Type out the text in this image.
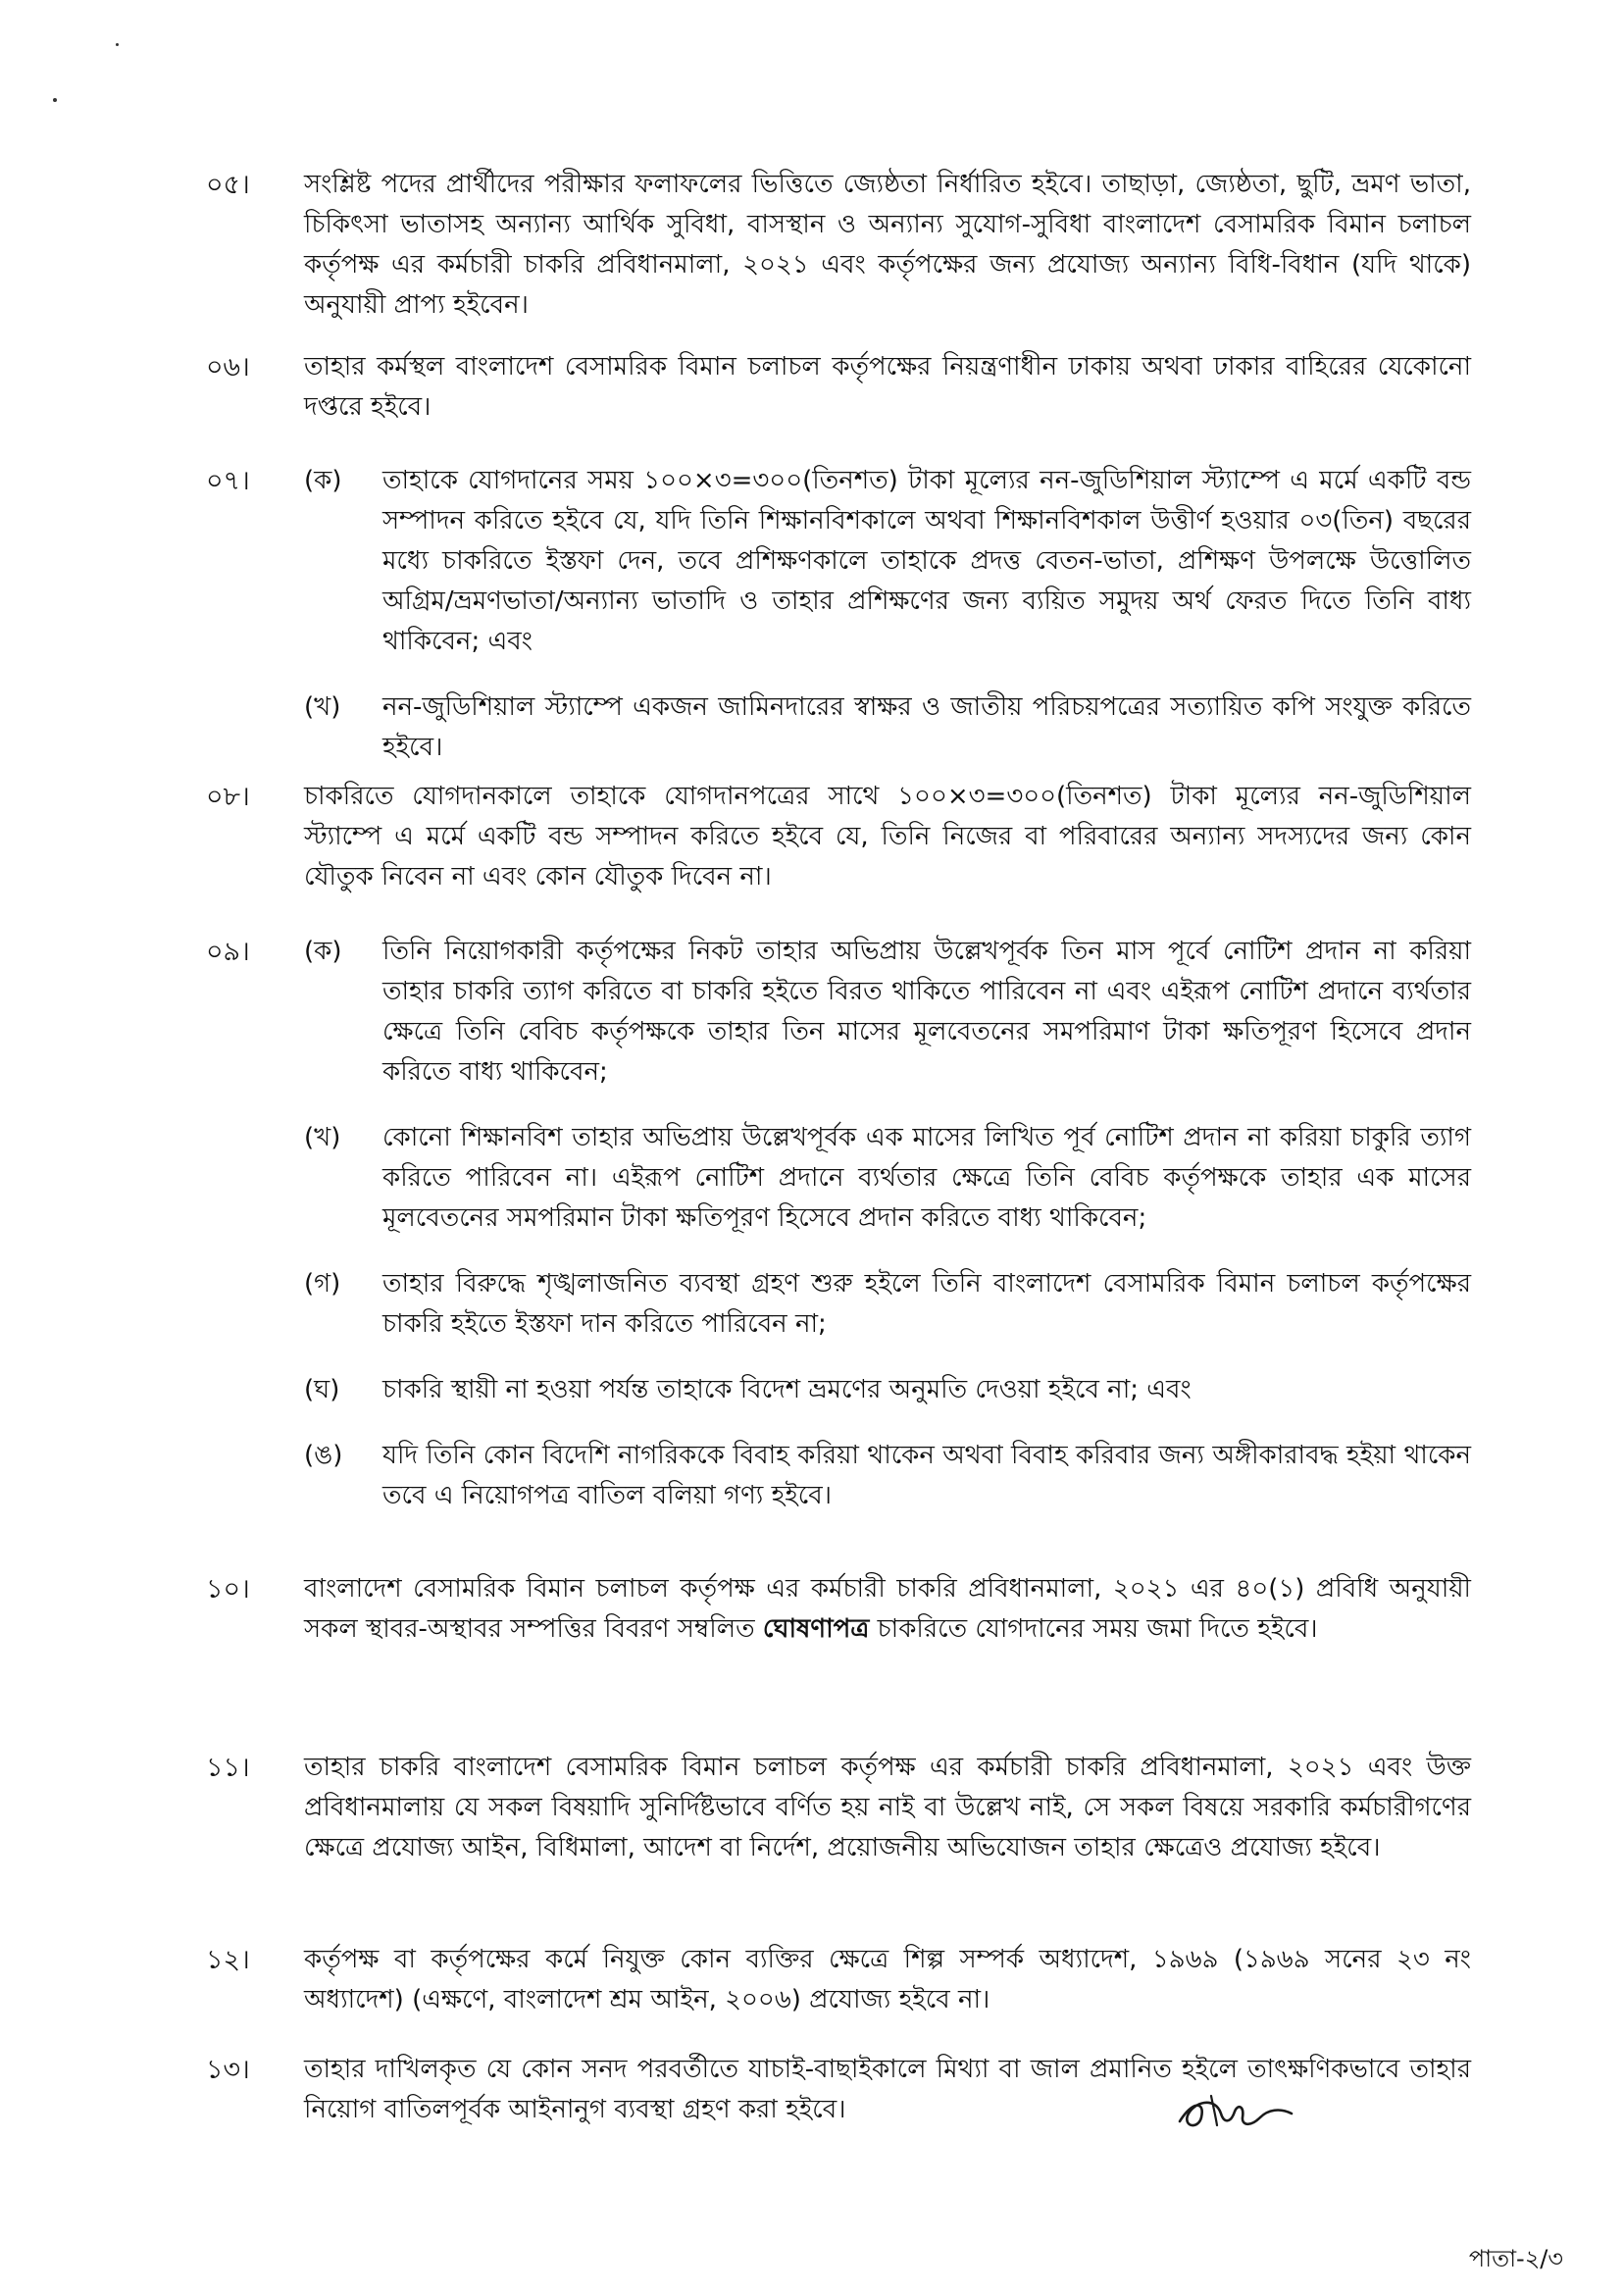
০৫। সংশ্লিষ্ট পদের প্রার্থীদের পরীক্ষার ফলাফলের ভিত্তিতে জ্যেষ্ঠতা নির্ধারিত হইবে। তাছাড়া, জ্যেষ্ঠতা, ছুটি, ভ্রমণ ভাতা, চিকিৎসা ভাতাসহ অন্যান্য আর্থিক সুবিধা, বাসস্থান ও অন্যান্য সুযোগ-সুবিধা বাংলাদেশ বেসামরিক বিমান চলাচল কর্তৃপক্ষ এর কর্মচারী চাকরি প্রবিধানমালা, ২০২১ এবং কর্তৃপক্ষের জন্য প্রযোজ্য অন্যান্য বিধি-বিধান (যদি থাকে) অনুযায়ী প্রাপ্য হইবেন।
০৬। তাহার কর্মস্থল বাংলাদেশ বেসামরিক বিমান চলাচল কর্তৃপক্ষের নিয়ন্ত্রণাধীন ঢাকায় অথবা ঢাকার বাহিরের যেকোনো দপ্তরে হইবে।
০৭। (ক) তাহাকে যোগদানের সময় ১০০×৩=৩০০(তিনশত) টাকা মূল্যের নন-জুডিশিয়াল স্ট্যাম্পে এ মর্মে একটি বন্ড সম্পাদন করিতে হইবে যে, যদি তিনি শিক্ষানবিশকালে অথবা শিক্ষানবিশকাল উত্তীর্ণ হওয়ার ০৩(তিন) বছরের মধ্যে চাকরিতে ইস্তফা দেন, তবে প্রশিক্ষণকালে তাহাকে প্রদত্ত বেতন-ভাতা, প্রশিক্ষণ উপলক্ষে উত্তোলিত অগ্রিম/ভ্রমণভাতা/অন্যান্য ভাতাদি ও তাহার প্রশিক্ষণের জন্য ব্যয়িত সমুদয় অর্থ ফেরত দিতে তিনি বাধ্য থাকিবেন; এবং
(খ) নন-জুডিশিয়াল স্ট্যাম্পে একজন জামিনদারের স্বাক্ষর ও জাতীয় পরিচয়পত্রের সত্যায়িত কপি সংযুক্ত করিতে হইবে।
০৮। চাকরিতে যোগদানকালে তাহাকে যোগদানপত্রের সাথে ১০০×৩=৩০০(তিনশত) টাকা মূল্যের নন-জুডিশিয়াল স্ট্যাম্পে এ মর্মে একটি বন্ড সম্পাদন করিতে হইবে যে, তিনি নিজের বা পরিবারের অন্যান্য সদস্যদের জন্য কোন যৌতুক নিবেন না এবং কোন যৌতুক দিবেন না।
০৯। (ক) তিনি নিয়োগকারী কর্তৃপক্ষের নিকট তাহার অভিপ্রায় উল্লেখপূর্বক তিন মাস পূর্বে নোটিশ প্রদান না করিয়া তাহার চাকরি ত্যাগ করিতে বা চাকরি হইতে বিরত থাকিতে পারিবেন না এবং এইরূপ নোটিশ প্রদানে ব্যর্থতার ক্ষেত্রে তিনি বেবিচ কর্তৃপক্ষকে তাহার তিন মাসের মূলবেতনের সমপরিমাণ টাকা ক্ষতিপূরণ হিসেবে প্রদান করিতে বাধ্য থাকিবেন;
(খ) কোনো শিক্ষানবিশ তাহার অভিপ্রায় উল্লেখপূর্বক এক মাসের লিখিত পূর্ব নোটিশ প্রদান না করিয়া চাকুরি ত্যাগ করিতে পারিবেন না। এইরূপ নোটিশ প্রদানে ব্যর্থতার ক্ষেত্রে তিনি বেবিচ কর্তৃপক্ষকে তাহার এক মাসের মূলবেতনের সমপরিমান টাকা ক্ষতিপূরণ হিসেবে প্রদান করিতে বাধ্য থাকিবেন;
(গ) তাহার বিরুদ্ধে শৃঙ্খলাজনিত ব্যবস্থা গ্রহণ শুরু হইলে তিনি বাংলাদেশ বেসামরিক বিমান চলাচল কর্তৃপক্ষের চাকরি হইতে ইস্তফা দান করিতে পারিবেন না;
(ঘ) চাকরি স্থায়ী না হওয়া পর্যন্ত তাহাকে বিদেশ ভ্রমণের অনুমতি দেওয়া হইবে না; এবং
(ঙ) যদি তিনি কোন বিদেশি নাগরিককে বিবাহ করিয়া থাকেন অথবা বিবাহ করিবার জন্য অঙ্গীকারাবদ্ধ হইয়া থাকেন তবে এ নিয়োগপত্র বাতিল বলিয়া গণ্য হইবে।
১০। বাংলাদেশ বেসামরিক বিমান চলাচল কর্তৃপক্ষ এর কর্মচারী চাকরি প্রবিধানমালা, ২০২১ এর ৪০(১) প্রবিধি অনুযায়ী সকল স্থাবর-অস্থাবর সম্পত্তির বিবরণ সম্বলিত ঘোষণাপত্র চাকরিতে যোগদানের সময় জমা দিতে হইবে।
১১। তাহার চাকরি বাংলাদেশ বেসামরিক বিমান চলাচল কর্তৃপক্ষ এর কর্মচারী চাকরি প্রবিধানমালা, ২০২১ এবং উক্ত প্রবিধানমালায় যে সকল বিষয়াদি সুনির্দিষ্টভাবে বর্ণিত হয় নাই বা উল্লেখ নাই, সে সকল বিষয়ে সরকারি কর্মচারীগণের ক্ষেত্রে প্রযোজ্য আইন, বিধিমালা, আদেশ বা নির্দেশ, প্রয়োজনীয় অভিযোজন তাহার ক্ষেত্রেও প্রযোজ্য হইবে।
১২। কর্তৃপক্ষ বা কর্তৃপক্ষের কর্মে নিযুক্ত কোন ব্যক্তির ক্ষেত্রে শিল্প সম্পর্ক অধ্যাদেশ, ১৯৬৯ (১৯৬৯ সনের ২৩ নং অধ্যাদেশ) (এক্ষণে, বাংলাদেশ শ্রম আইন, ২০০৬) প্রযোজ্য হইবে না।
১৩। তাহার দাখিলকৃত যে কোন সনদ পরবর্তীতে যাচাই-বাছাইকালে মিথ্যা বা জাল প্রমানিত হইলে তাৎক্ষণিকভাবে তাহার নিয়োগ বাতিলপূর্বক আইনানুগ ব্যবস্থা গ্রহণ করা হইবে।
পাতা-২/৩
